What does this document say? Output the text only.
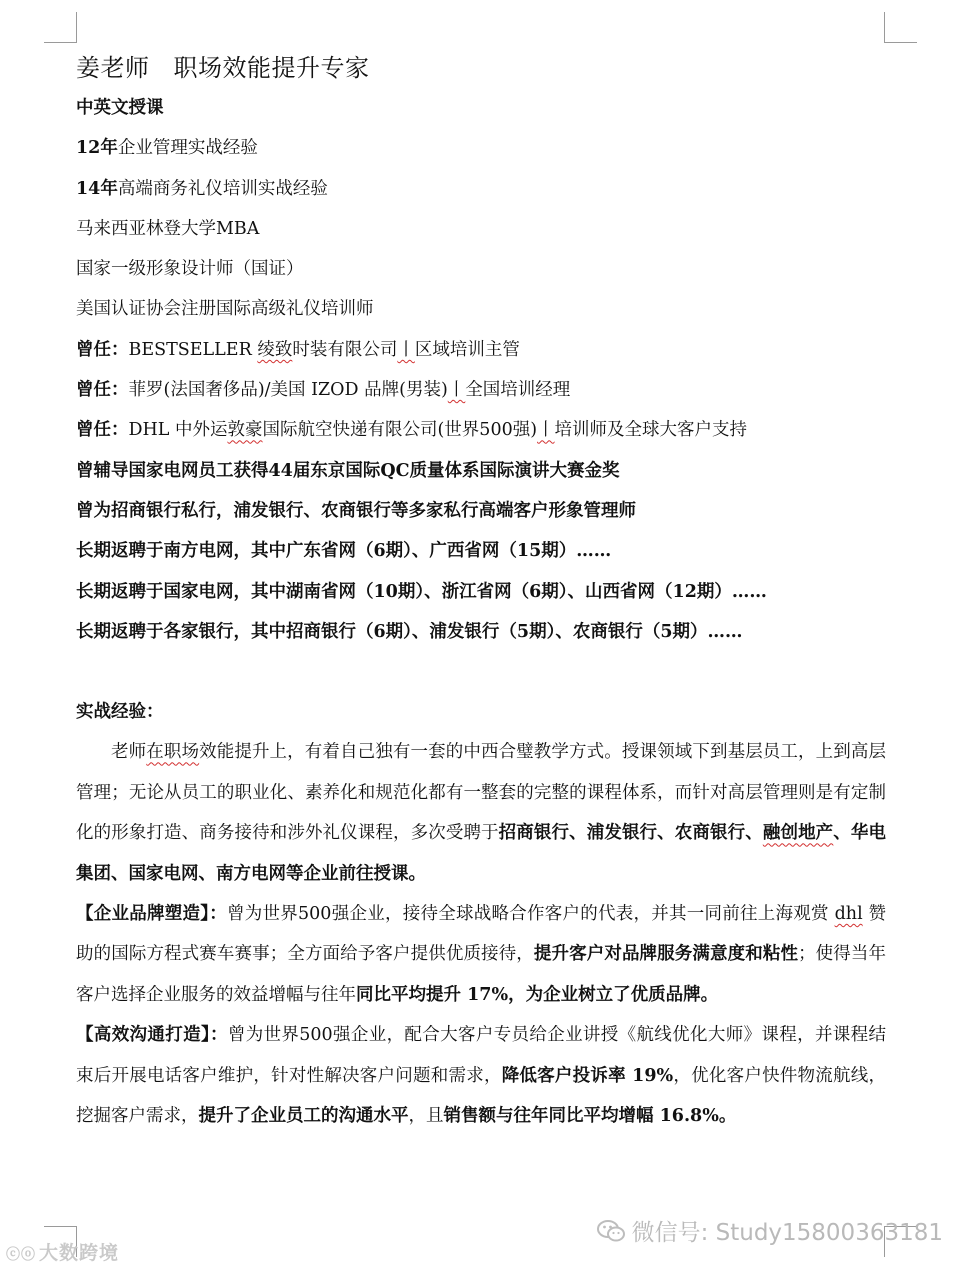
姜老师 职场效能提升专家
中英文授课
12年企业管理实战经验
14年高端商务礼仪培训实战经验
马来西亚林登大学MBA
国家一级形象设计师（国证）
美国认证协会注册国际高级礼仪培训师
曾任：BESTSELLER 绫致时装有限公司丨区域培训主管
曾任：菲罗(法国奢侈品)/美国 IZOD 品牌(男装)丨全国培训经理
曾任：DHL 中外运敦豪国际航空快递有限公司(世界500强)丨培训师及全球大客户支持
曾辅导国家电网员工获得44届东京国际QC质量体系国际演讲大赛金奖
曾为招商银行私行，浦发银行、农商银行等多家私行高端客户形象管理师
长期返聘于南方电网，其中广东省网（6期）、广西省网（15期）……
长期返聘于国家电网，其中湖南省网（10期）、浙江省网（6期）、山西省网（12期）……
长期返聘于各家银行，其中招商银行（6期）、浦发银行（5期）、农商银行（5期）……
实战经验：

老师在职场效能提升上，有着自己独有一套的中西合璧教学方式。授课领域下到基层员工，上到高层管理；无论从员工的职业化、素养化和规范化都有一整套的完整的课程体系，而针对高层管理则是有定制化的形象打造、商务接待和涉外礼仪课程，多次受聘于招商银行、浦发银行、农商银行、融创地产、华电集团、国家电网、南方电网等企业前往授课。

【企业品牌塑造】：曾为世界500强企业，接待全球战略合作客户的代表，并其一同前往上海观赏 dhl 赞助的国际方程式赛车赛事；全方面给予客户提供优质接待，提升客户对品牌服务满意度和粘性；使得当年客户选择企业服务的效益增幅与往年同比平均提升 17%，为企业树立了优质品牌。

【高效沟通打造】：曾为世界500强企业，配合大客户专员给企业讲授《航线优化大师》课程，并课程结束后开展电话客户维护，针对性解决客户问题和需求，降低客户投诉率 19%，优化客户快件物流航线，挖掘客户需求，提升了企业员工的沟通水平，且销售额与往年同比平均增幅 16.8%。

ⓒⓞ 大数跨境
微信号: Study15800363181
